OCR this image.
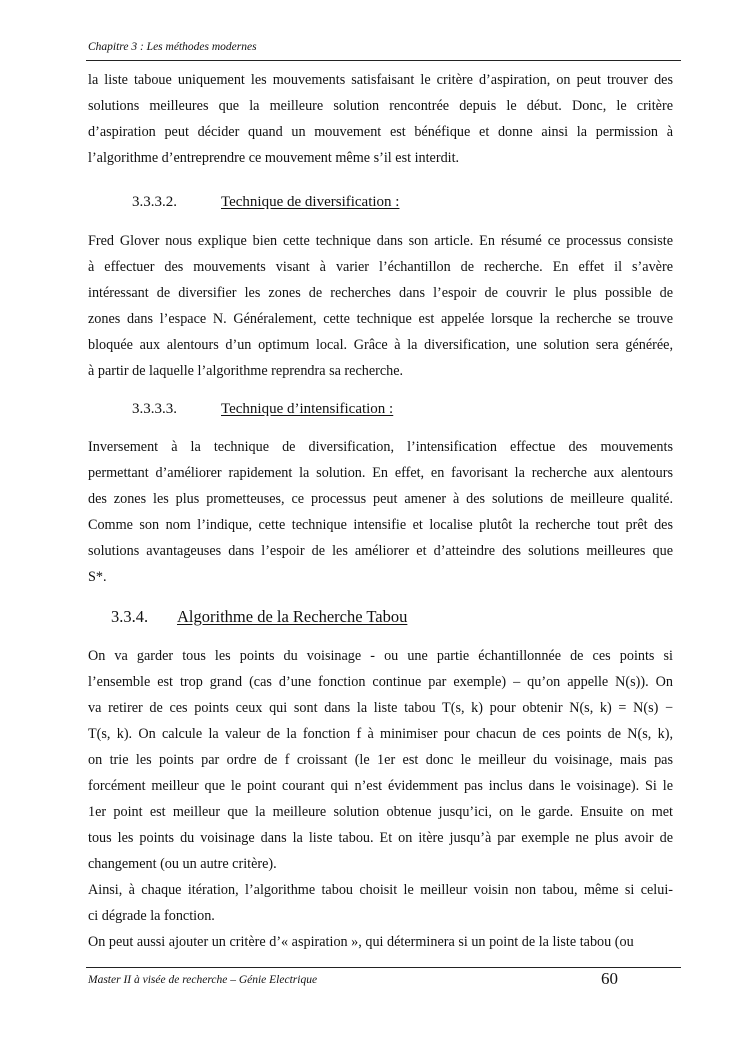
Chapitre 3 : Les méthodes modernes
la liste taboue uniquement les mouvements satisfaisant le critère d’aspiration, on peut trouver des
solutions meilleures que la meilleure solution rencontrée depuis le début. Donc, le critère
d’aspiration peut décider quand un mouvement est bénéfique et donne ainsi la permission à
l’algorithme d’entreprendre ce mouvement même s’il est interdit.
3.3.3.2.	Technique de diversification :
Fred Glover nous explique bien cette technique dans son article. En résumé ce processus consiste
à effectuer des mouvements visant à varier l’échantillon de recherche. En effet il s’avère
intéressant de diversifier les zones de recherches dans l’espoir de couvrir le plus possible de
zones dans l’espace N. Généralement, cette technique est appelée lorsque la recherche se trouve
bloquée aux alentours d’un optimum local. Grâce à la diversification, une solution sera générée,
à partir de laquelle l’algorithme reprendra sa recherche.
3.3.3.3.	Technique d’intensification :
Inversement à la technique de diversification, l’intensification effectue des mouvements
permettant d’améliorer rapidement la solution. En effet, en favorisant la recherche aux alentours
des zones les plus prometteuses, ce processus peut amener à des solutions de meilleure qualité.
Comme son nom l’indique, cette technique intensifie et localise plutôt la recherche tout prêt des
solutions avantageuses dans l’espoir de les améliorer et d’atteindre des solutions meilleures que
S*.
3.3.4. Algorithme de la Recherche Tabou
On va garder tous les points du voisinage - ou une partie échantillonnée de ces points si
l’ensemble est trop grand (cas d’une fonction continue par exemple) – qu’on appelle N(s)). On
va retirer de ces points ceux qui sont dans la liste tabou T(s, k) pour obtenir N(s, k) = N(s) −
T(s, k). On calcule la valeur de la fonction f à minimiser pour chacun de ces points de N(s, k),
on trie les points par ordre de f croissant (le 1er est donc le meilleur du voisinage, mais pas
forcément meilleur que le point courant qui n’est évidemment pas inclus dans le voisinage). Si le
1er point est meilleur que la meilleure solution obtenue jusqu’ici, on le garde. Ensuite on met
tous les points du voisinage dans la liste tabou. Et on itère jusqu’à par exemple ne plus avoir de
changement (ou un autre critère).
Ainsi, à chaque itération, l’algorithme tabou choisit le meilleur voisin non tabou, même si celui-
ci dégrade la fonction.
On peut aussi ajouter un critère d’« aspiration », qui déterminera si un point de la liste tabou (ou
Master II à visée de recherche – Génie Electrique	60
